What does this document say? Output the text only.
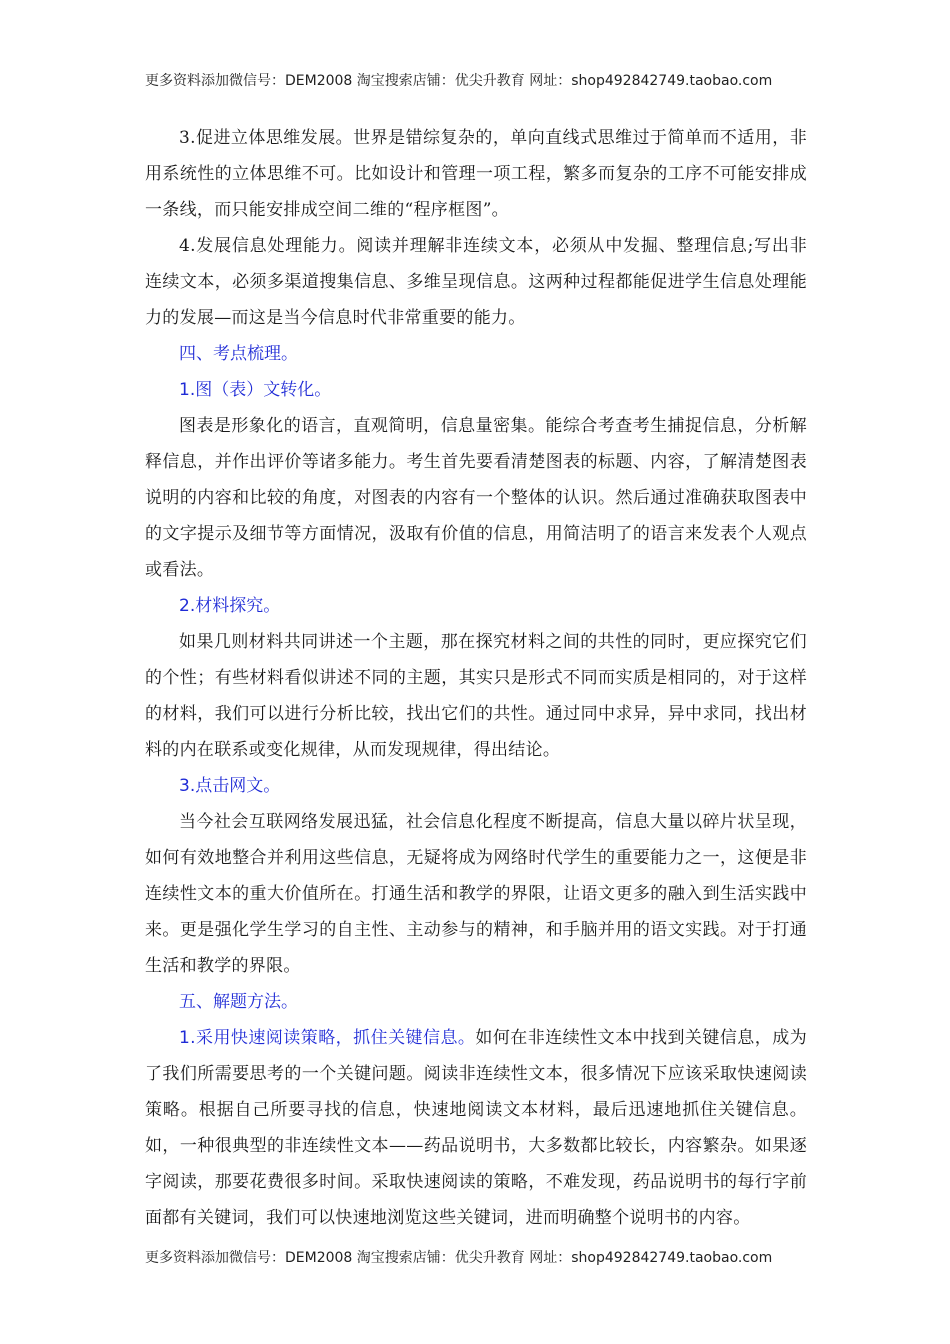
更多资料添加微信号：DEM2008 淘宝搜索店铺：优尖升教育 网址：shop492842749.taobao.com

3.促进立体思维发展。世界是错综复杂的，单向直线式思维过于简单而不适用，非用系统性的立体思维不可。比如设计和管理一项工程，繁多而复杂的工序不可能安排成一条线，而只能安排成空间二维的“程序框图”。

4.发展信息处理能力。阅读并理解非连续文本，必须从中发掘、整理信息;写出非连续文本，必须多渠道搜集信息、多维呈现信息。这两种过程都能促进学生信息处理能力的发展—而这是当今信息时代非常重要的能力。

四、考点梳理。

1.图（表）文转化。

图表是形象化的语言，直观简明，信息量密集。能综合考查考生捕捉信息，分析解释信息，并作出评价等诸多能力。考生首先要看清楚图表的标题、内容，了解清楚图表说明的内容和比较的角度，对图表的内容有一个整体的认识。然后通过准确获取图表中的文字提示及细节等方面情况，汲取有价值的信息，用简洁明了的语言来发表个人观点或看法。

2.材料探究。

如果几则材料共同讲述一个主题，那在探究材料之间的共性的同时，更应探究它们的个性；有些材料看似讲述不同的主题，其实只是形式不同而实质是相同的，对于这样的材料，我们可以进行分析比较，找出它们的共性。通过同中求异，异中求同，找出材料的内在联系或变化规律，从而发现规律，得出结论。

3.点击网文。

当今社会互联网络发展迅猛，社会信息化程度不断提高，信息大量以碎片状呈现，如何有效地整合并利用这些信息，无疑将成为网络时代学生的重要能力之一，这便是非连续性文本的重大价值所在。打通生活和教学的界限，让语文更多的融入到生活实践中来。更是强化学生学习的自主性、主动参与的精神，和手脑并用的语文实践。对于打通生活和教学的界限。

五、解题方法。

1.采用快速阅读策略，抓住关键信息。如何在非连续性文本中找到关键信息，成为了我们所需要思考的一个关键问题。阅读非连续性文本，很多情况下应该采取快速阅读策略。根据自己所要寻找的信息，快速地阅读文本材料，最后迅速地抓住关键信息。如，一种很典型的非连续性文本——药品说明书，大多数都比较长，内容繁杂。如果逐字阅读，那要花费很多时间。采取快速阅读的策略，不难发现，药品说明书的每行字前面都有关键词，我们可以快速地浏览这些关键词，进而明确整个说明书的内容。

更多资料添加微信号：DEM2008 淘宝搜索店铺：优尖升教育 网址：shop492842749.taobao.com
